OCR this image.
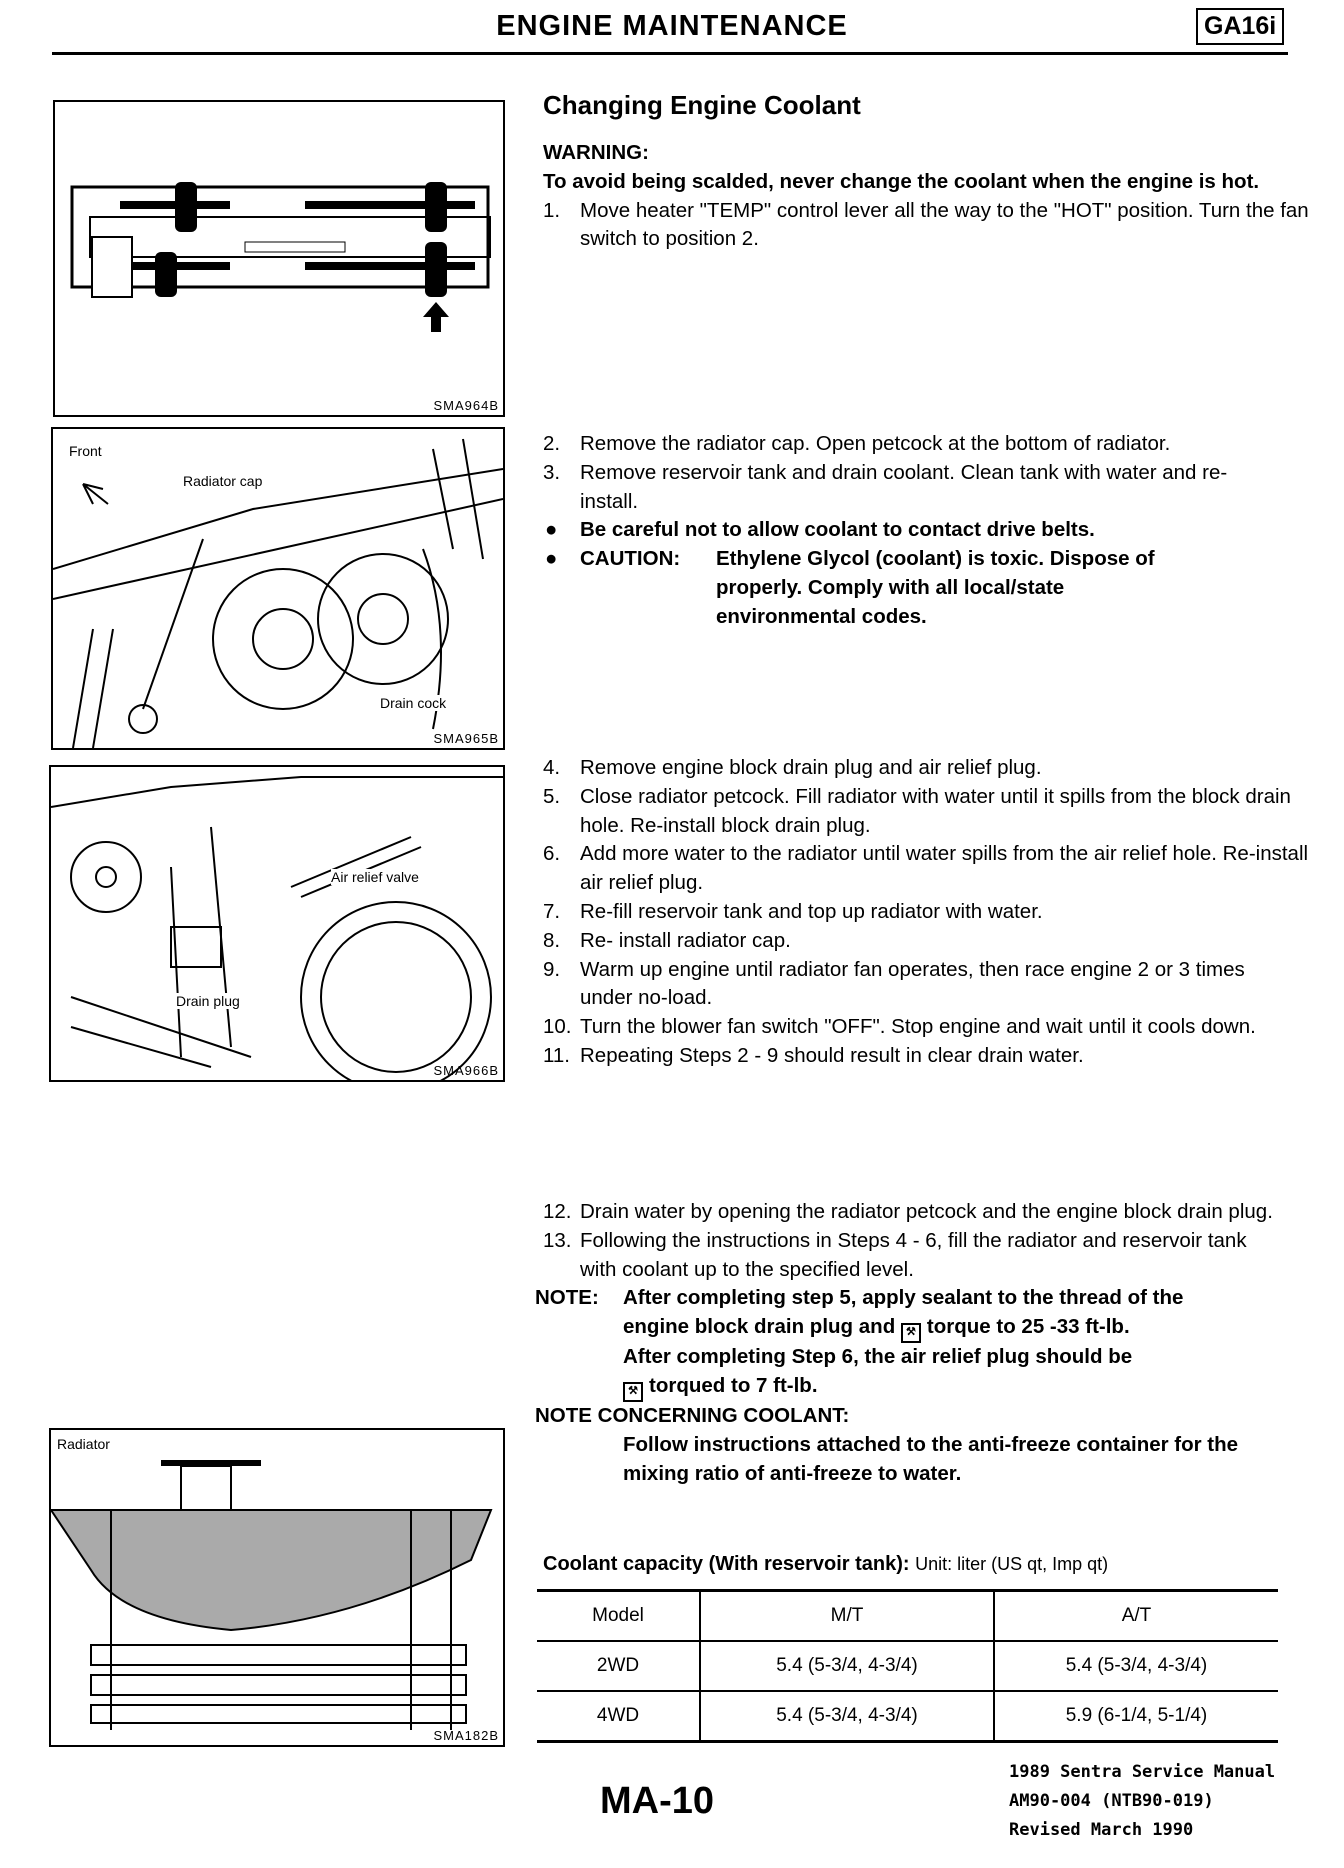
ENGINE MAINTENANCE	GA16i
SMA964B
Front
Radiator cap
Drain cock
SMA965B
Air relief valve
Drain plug
SMA966B
Radiator
SMA182B
Changing Engine Coolant
WARNING:
To avoid being scalded, never change the coolant when the engine is hot.
1. Move heater "TEMP" control lever all the way to the "HOT" position. Turn the fan switch to position 2.
2. Remove the radiator cap. Open petcock at the bottom of radiator.
3. Remove reservoir tank and drain coolant. Clean tank with water and re-install.
● Be careful not to allow coolant to contact drive belts.
● CAUTION: Ethylene Glycol (coolant) is toxic. Dispose of properly. Comply with all local/state environmental codes.
4. Remove engine block drain plug and air relief plug.
5. Close radiator petcock. Fill radiator with water until it spills from the block drain hole. Re-install block drain plug.
6. Add more water to the radiator until water spills from the air relief hole. Re-install air relief plug.
7. Re-fill reservoir tank and top up radiator with water.
8. Re- install radiator cap.
9. Warm up engine until radiator fan operates, then race engine 2 or 3 times under no-load.
10. Turn the blower fan switch "OFF". Stop engine and wait until it cools down.
11. Repeating Steps 2 - 9 should result in clear drain water.
12. Drain water by opening the radiator petcock and the engine block drain plug.
13. Following the instructions in Steps 4 - 6, fill the radiator and reservoir tank with coolant up to the specified level.
NOTE: After completing step 5, apply sealant to the thread of the engine block drain plug and ⚒ torque to 25 -33 ft-lb.
After completing Step 6, the air relief plug should be
⚒ torqued to 7 ft-lb.
NOTE CONCERNING COOLANT:
Follow instructions attached to the anti-freeze container for the mixing ratio of anti-freeze to water.
Coolant capacity (With reservoir tank): Unit: liter (US qt, Imp qt)
Model	M/T	A/T
2WD	5.4 (5-3/4, 4-3/4)	5.4 (5-3/4, 4-3/4)
4WD	5.4 (5-3/4, 4-3/4)	5.9 (6-1/4, 5-1/4)
MA-10
1989 Sentra Service Manual
AM90-004 (NTB90-019)
Revised March 1990
